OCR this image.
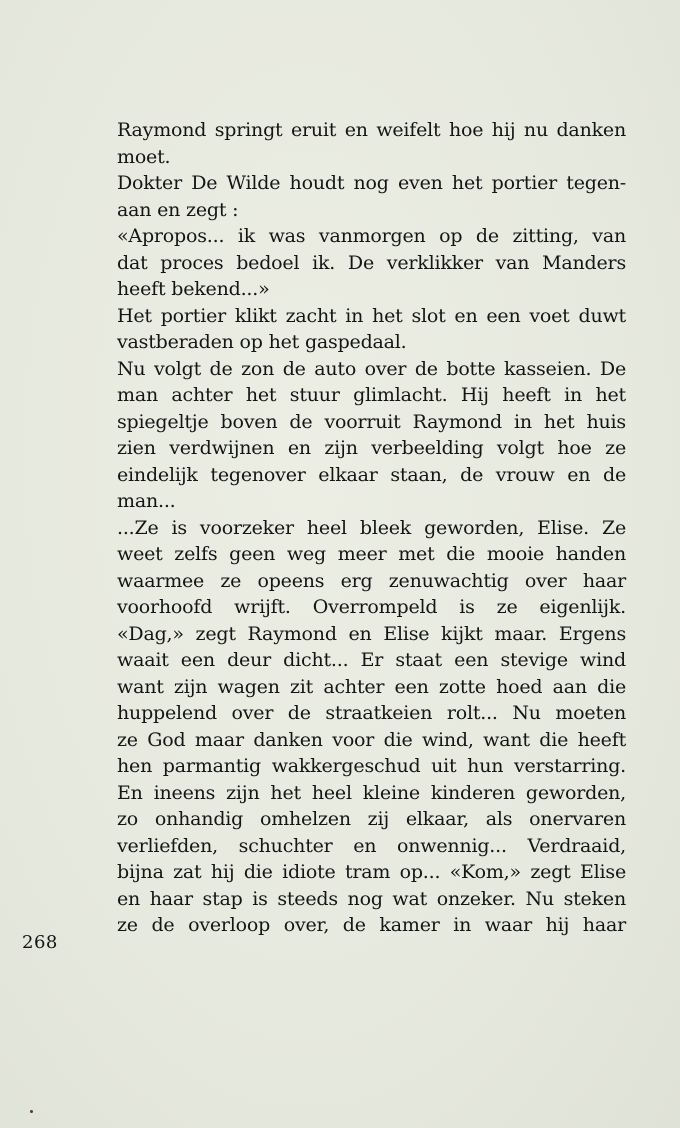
Raymond springt eruit en weifelt hoe hij nu danken
moet.
Dokter De Wilde houdt nog even het portier tegen-
aan en zegt :
«Apropos... ik was vanmorgen op de zitting, van
dat proces bedoel ik. De verklikker van Manders
heeft bekend...»
Het portier klikt zacht in het slot en een voet duwt
vastberaden op het gaspedaal.
Nu volgt de zon de auto over de botte kasseien. De
man achter het stuur glimlacht. Hij heeft in het
spiegeltje boven de voorruit Raymond in het huis
zien verdwijnen en zijn verbeelding volgt hoe ze
eindelijk tegenover elkaar staan, de vrouw en de
man...
...Ze is voorzeker heel bleek geworden, Elise. Ze
weet zelfs geen weg meer met die mooie handen
waarmee ze opeens erg zenuwachtig over haar
voorhoofd wrijft. Overrompeld is ze eigenlijk.
«Dag,» zegt Raymond en Elise kijkt maar. Ergens
waait een deur dicht... Er staat een stevige wind
want zijn wagen zit achter een zotte hoed aan die
huppelend over de straatkeien rolt... Nu moeten
ze God maar danken voor die wind, want die heeft
hen parmantig wakkergeschud uit hun verstarring.
En ineens zijn het heel kleine kinderen geworden,
zo onhandig omhelzen zij elkaar, als onervaren
verliefden, schuchter en onwennig... Verdraaid,
bijna zat hij die idiote tram op... «Kom,» zegt Elise
en haar stap is steeds nog wat onzeker. Nu steken
ze de overloop over, de kamer in waar hij haar
268
